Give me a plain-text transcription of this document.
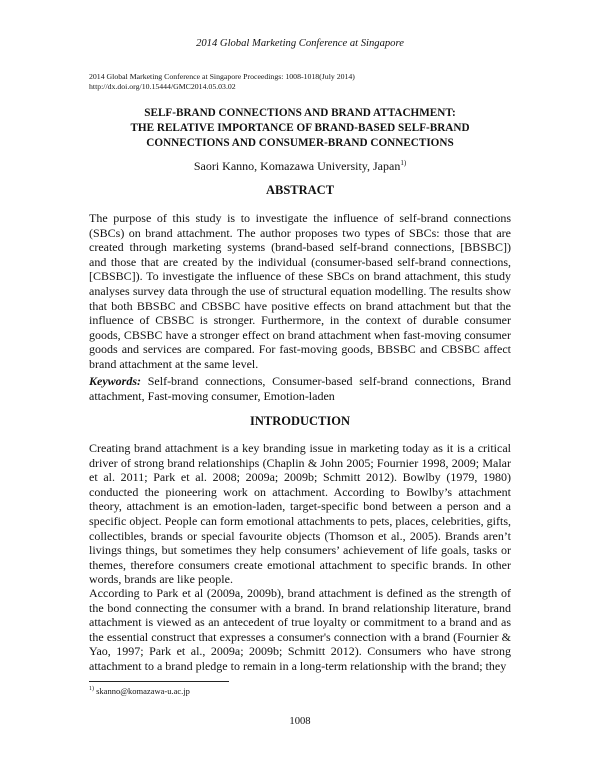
2014 Global Marketing Conference at Singapore
2014 Global Marketing Conference at Singapore Proceedings: 1008-1018(July 2014)
http://dx.doi.org/10.15444/GMC2014.05.03.02
SELF-BRAND CONNECTIONS AND BRAND ATTACHMENT:
THE RELATIVE IMPORTANCE OF BRAND-BASED SELF-BRAND
CONNECTIONS AND CONSUMER-BRAND CONNECTIONS
Saori Kanno, Komazawa University, Japan$^{1)}$
ABSTRACT

The purpose of this study is to investigate the influence of self-brand connections (SBCs) on brand attachment. The author proposes two types of SBCs: those that are created through marketing systems (brand-based self-brand connections, [BBSBC]) and those that are created by the individual (consumer-based self-brand connections, [CBSBC]). To investigate the influence of these SBCs on brand attachment, this study analyses survey data through the use of structural equation modelling. The results show that both BBSBC and CBSBC have positive effects on brand attachment but that the influence of CBSBC is stronger. Furthermore, in the context of durable consumer goods, CBSBC have a stronger effect on brand attachment when fast-moving consumer goods and services are compared. For fast-moving goods, BBSBC and CBSBC affect brand attachment at the same level.

Keywords: Self-brand connections, Consumer-based self-brand connections, Brand attachment, Fast-moving consumer, Emotion-laden

INTRODUCTION

Creating brand attachment is a key branding issue in marketing today as it is a critical driver of strong brand relationships (Chaplin & John 2005; Fournier 1998, 2009; Malar et al. 2011; Park et al. 2008; 2009a; 2009b; Schmitt 2012). Bowlby (1979, 1980) conducted the pioneering work on attachment. According to Bowlby’s attachment theory, attachment is an emotion-laden, target-specific bond between a person and a specific object. People can form emotional attachments to pets, places, celebrities, gifts, collectibles, brands or special favourite objects (Thomson et al., 2005). Brands aren’t livings things, but sometimes they help consumers’ achievement of life goals, tasks or themes, therefore consumers create emotional attachment to specific brands. In other words, brands are like people.

According to Park et al (2009a, 2009b), brand attachment is defined as the strength of the bond connecting the consumer with a brand. In brand relationship literature, brand attachment is viewed as an antecedent of true loyalty or commitment to a brand and as the essential construct that expresses a consumer's connection with a brand (Fournier & Yao, 1997; Park et al., 2009a; 2009b; Schmitt 2012). Consumers who have strong attachment to a brand pledge to remain in a long-term relationship with the brand; they

$^{1)}$ skanno@komazawa-u.ac.jp
1008
